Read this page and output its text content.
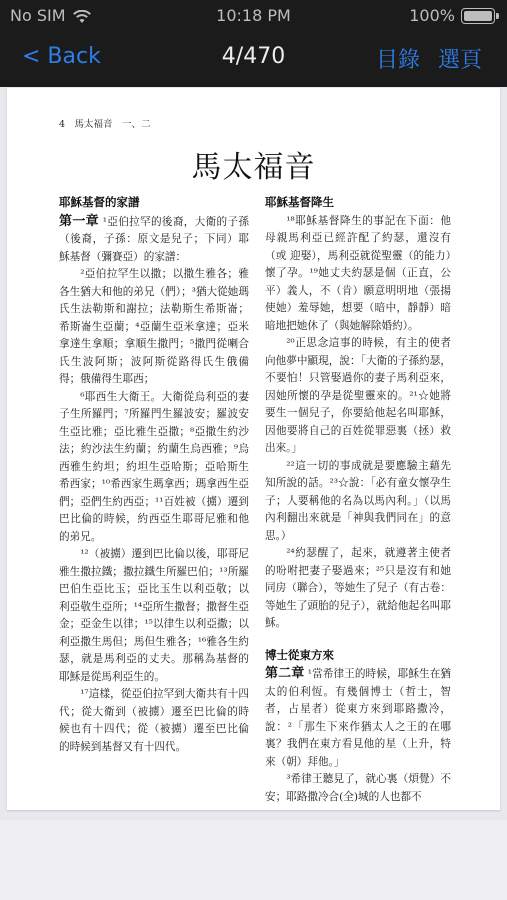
No SIM	10:18 PM	100%
< Back	4/470	目錄 選頁
4　馬太福音　一、二
馬太福音
耶穌基督的家譜
第一章 ¹亞伯拉罕的後裔，大衛的子孫（後裔，子孫：原文是兒子；下同）耶穌基督（彌賽亞）的家譜：
²亞伯拉罕生以撒；以撒生雅各；雅各生猶大和他的弟兄（們）；³猶大從她瑪氏生法勒斯和謝拉；法勒斯生希斯崙；希斯崙生亞蘭；⁴亞蘭生亞米拿達；亞米拿達生拿順；拿順生撒門；⁵撒門從喇合氏生波阿斯；波阿斯從路得氏生俄備得；俄備得生耶西；
⁶耶西生大衛王。大衛從烏利亞的妻子生所羅門；⁷所羅門生羅波安；羅波安生亞比雅；亞比雅生亞撒；⁸亞撒生約沙法；約沙法生約蘭；約蘭生烏西雅；⁹烏西雅生約坦；約坦生亞哈斯；亞哈斯生希西家；¹⁰希西家生瑪拿西；瑪拿西生亞們；亞們生約西亞；¹¹百姓被（擄）遷到巴比倫的時候，約西亞生耶哥尼雅和他的弟兄。
¹²（被擄）遷到巴比倫以後，耶哥尼雅生撒拉鐵；撒拉鐵生所羅巴伯；¹³所羅巴伯生亞比玉；亞比玉生以利亞敬；以利亞敬生亞所；¹⁴亞所生撒督；撒督生亞金；亞金生以律；¹⁵以律生以利亞撒；以利亞撒生馬但；馬但生雅各；¹⁶雅各生約瑟，就是馬利亞的丈夫。那稱為基督的耶穌是從馬利亞生的。
¹⁷這樣，從亞伯拉罕到大衛共有十四代；從大衛到（被擄）遷至巴比倫的時候也有十四代；從（被擄）遷至巴比倫的時候到基督又有十四代。
耶穌基督降生
¹⁸耶穌基督降生的事記在下面：他母親馬利亞已經許配了約瑟，還沒有（或 迎娶），馬利亞就從聖靈（的能力）懷了孕。¹⁹她丈夫約瑟是個（正直，公平）義人，不（肯）願意明明地（張揚使她）羞辱她，想要（暗中，靜靜）暗暗地把她休了（與她解除婚約）。
²⁰正思念這事的時候，有主的使者向他夢中顯現，說：「大衛的子孫約瑟，不要怕！只管娶過你的妻子馬利亞來，因她所懷的孕是從聖靈來的。²¹☆她將要生一個兒子，你要給他起名叫耶穌，因他要將自己的百姓從罪惡裏（拯）救出來。」
²²這一切的事成就是要應驗主藉先知所說的話。²³☆說：「必有童女懷孕生子；人要稱他的名為以馬內利。」（以馬內利翻出來就是「神與我們同在」的意思。）
²⁴約瑟醒了，起來，就遵著主使者的吩咐把妻子娶過來；²⁵只是沒有和她同房（聯合），等她生了兒子（有古卷：等她生了頭胎的兒子），就給他起名叫耶穌。
博士從東方來
第二章 ¹當希律王的時候，耶穌生在猶太的伯利恆。有幾個博士（哲士，智者，占星者）從東方來到耶路撒冷，說：²「那生下來作猶太人之王的在哪裏？我們在東方看見他的星（上升，特來（朝）拜他。」
³希律王聽見了，就心裏（煩覺）不安；耶路撒冷合(全)城的人也都不
